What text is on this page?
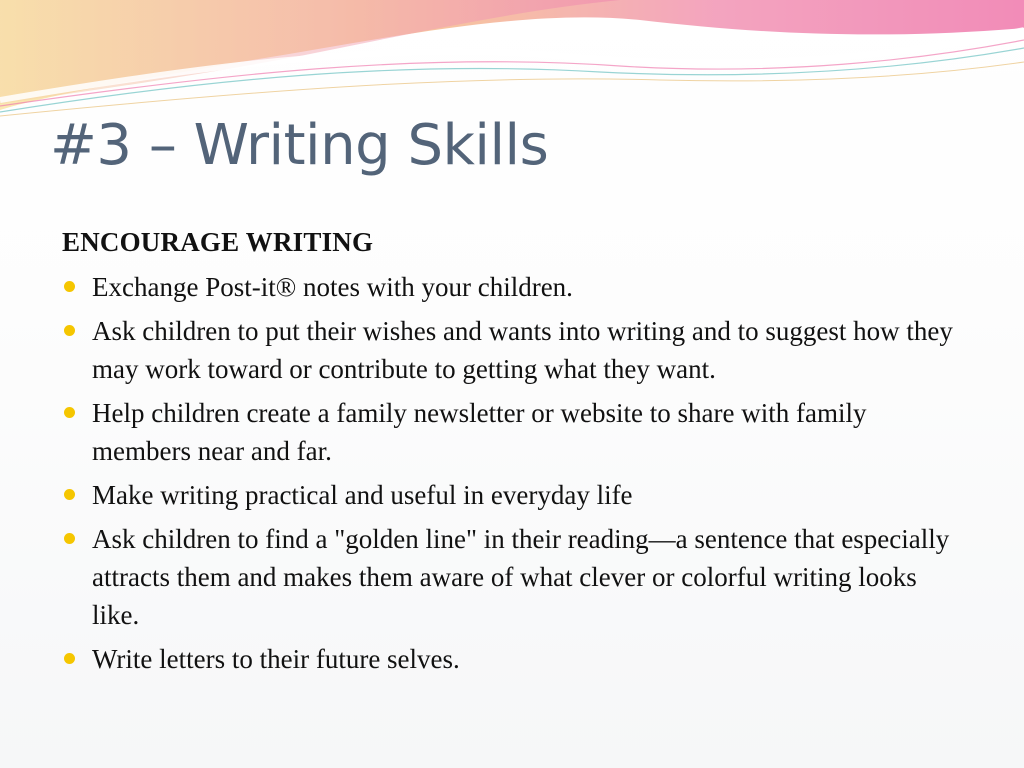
#3 – Writing Skills
ENCOURAGE WRITING
Exchange Post-it® notes with your children.
Ask children to put their wishes and wants into writing and to suggest how they may work toward or contribute to getting what they want.
Help children create a family newsletter or website to share with family members near and far.
Make writing practical and useful in everyday life
Ask children to find a "golden line" in their reading—a sentence that especially attracts them and makes them aware of what clever or colorful writing looks like.
Write letters to their future selves.
